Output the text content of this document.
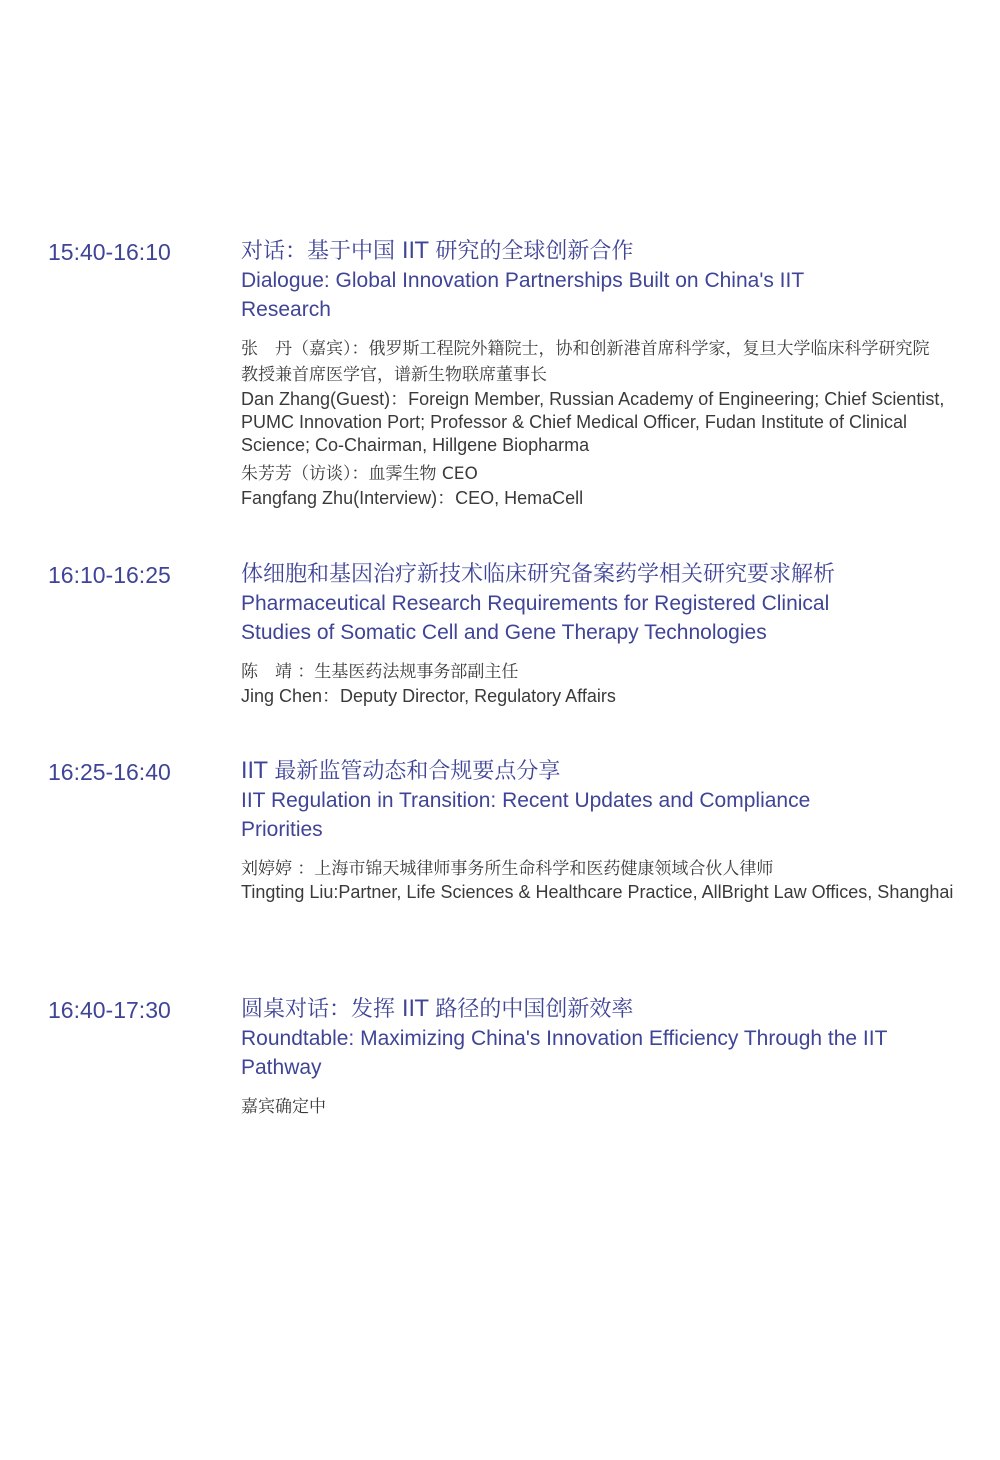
15:40-16:10	对话：基于中国 IIT 研究的全球创新合作
Dialogue: Global Innovation Partnerships Built on China's IIT Research
张　丹（嘉宾）：俄罗斯工程院外籍院士，协和创新港首席科学家，复旦大学临床科学研究院教授兼首席医学官，谱新生物联席董事长
Dan Zhang(Guest)：Foreign Member, Russian Academy of Engineering; Chief Scientist, PUMC Innovation Port; Professor & Chief Medical Officer, Fudan Institute of Clinical Science; Co-Chairman, Hillgene Biopharma
朱芳芳（访谈）：血霁生物 CEO
Fangfang Zhu(Interview)：CEO, HemaCell
16:10-16:25	体细胞和基因治疗新技术临床研究备案药学相关研究要求解析
Pharmaceutical Research Requirements for Registered Clinical Studies of Somatic Cell and Gene Therapy Technologies
陈　靖 ：生基医药法规事务部副主任
Jing Chen：Deputy Director, Regulatory Affairs
16:25-16:40	IIT 最新监管动态和合规要点分享
IIT Regulation in Transition: Recent Updates and Compliance Priorities
刘婷婷 ：上海市锦天城律师事务所生命科学和医药健康领域合伙人律师
Tingting Liu:Partner, Life Sciences & Healthcare Practice, AllBright Law Offices, Shanghai
16:40-17:30	圆桌对话：发挥 IIT 路径的中国创新效率
Roundtable: Maximizing China's Innovation Efficiency Through the IIT Pathway
嘉宾确定中
